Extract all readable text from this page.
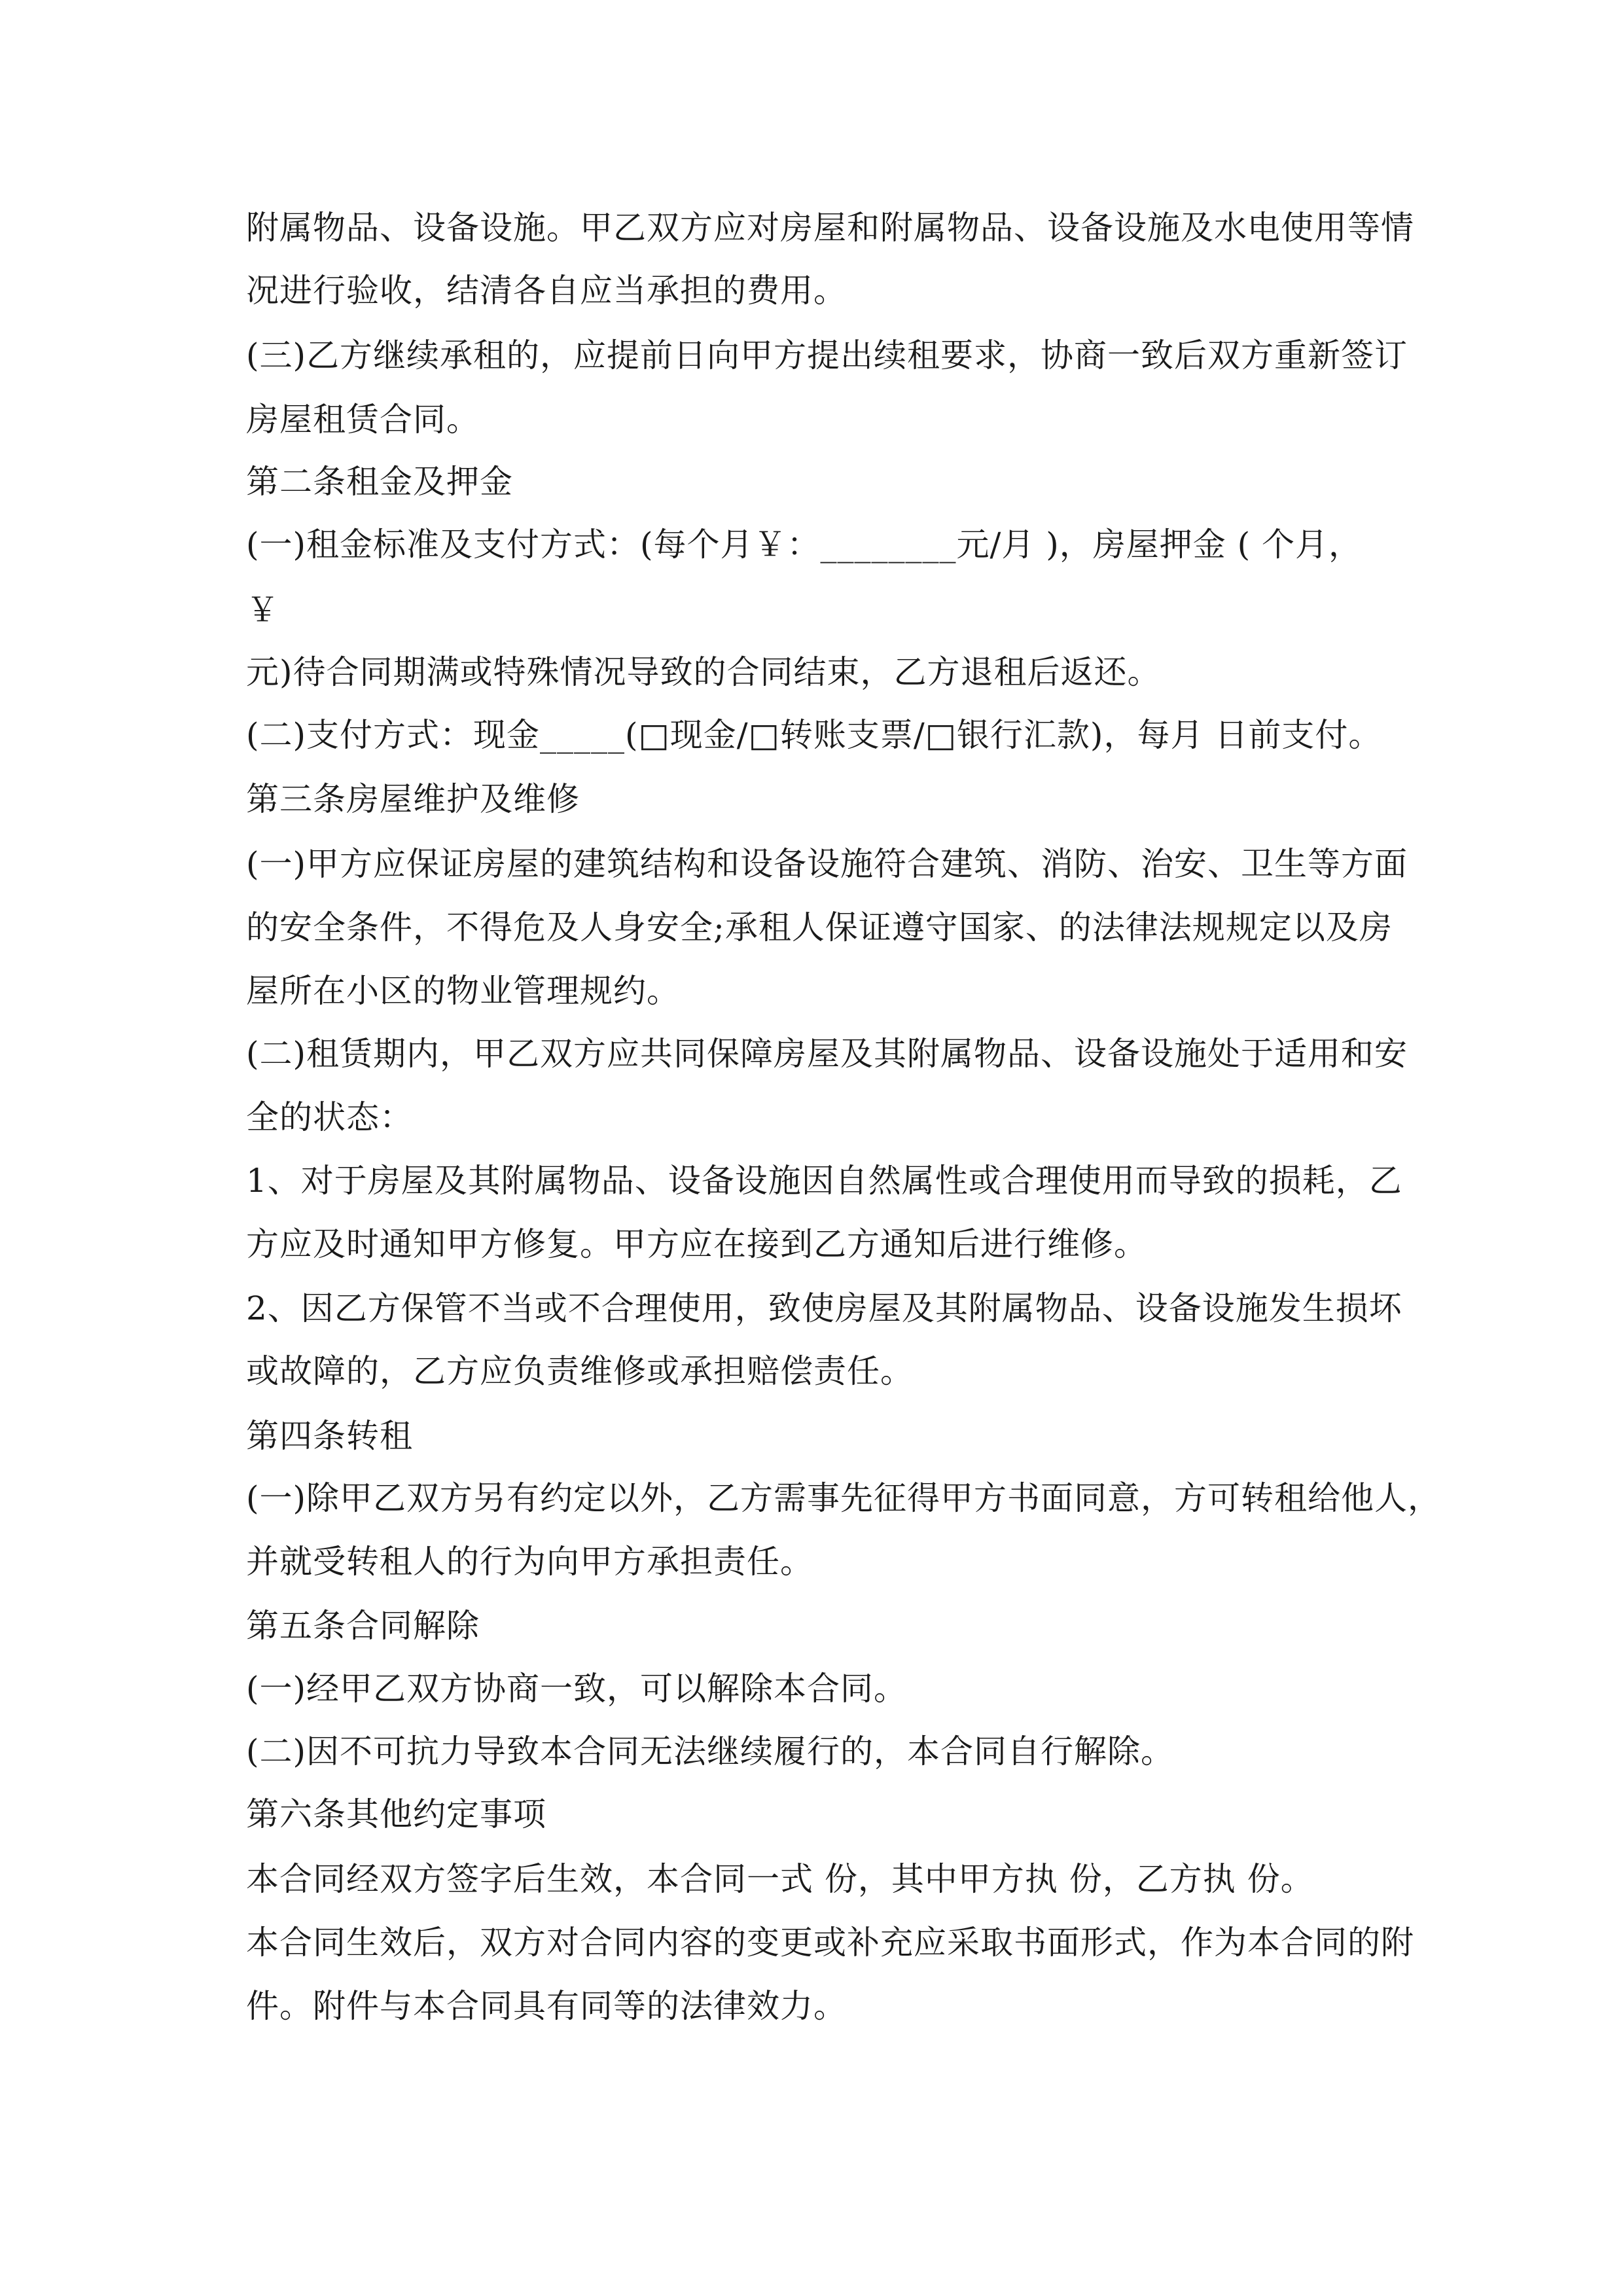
附属物品、设备设施。甲乙双方应对房屋和附属物品、设备设施及水电使用等情
况进行验收，结清各自应当承担的费用。
(三)乙方继续承租的，应提前日向甲方提出续租要求，协商一致后双方重新签订
房屋租赁合同。
第二条租金及押金
(一)租金标准及支付方式：(每个月￥：________元/月 )，房屋押金 ( 个月，
￥
元)待合同期满或特殊情况导致的合同结束，乙方退租后返还。
(二)支付方式：现金_____(□现金/□转账支票/□银行汇款)，每月 日前支付。
第三条房屋维护及维修
(一)甲方应保证房屋的建筑结构和设备设施符合建筑、消防、治安、卫生等方面
的安全条件，不得危及人身安全;承租人保证遵守国家、的法律法规规定以及房
屋所在小区的物业管理规约。
(二)租赁期内，甲乙双方应共同保障房屋及其附属物品、设备设施处于适用和安
全的状态：
1、对于房屋及其附属物品、设备设施因自然属性或合理使用而导致的损耗，乙
方应及时通知甲方修复。甲方应在接到乙方通知后进行维修。
2、因乙方保管不当或不合理使用，致使房屋及其附属物品、设备设施发生损坏
或故障的，乙方应负责维修或承担赔偿责任。
第四条转租
(一)除甲乙双方另有约定以外，乙方需事先征得甲方书面同意，方可转租给他人，
并就受转租人的行为向甲方承担责任。
第五条合同解除
(一)经甲乙双方协商一致，可以解除本合同。
(二)因不可抗力导致本合同无法继续履行的，本合同自行解除。
第六条其他约定事项
本合同经双方签字后生效，本合同一式 份，其中甲方执 份，乙方执 份。
本合同生效后，双方对合同内容的变更或补充应采取书面形式，作为本合同的附
件。附件与本合同具有同等的法律效力。
